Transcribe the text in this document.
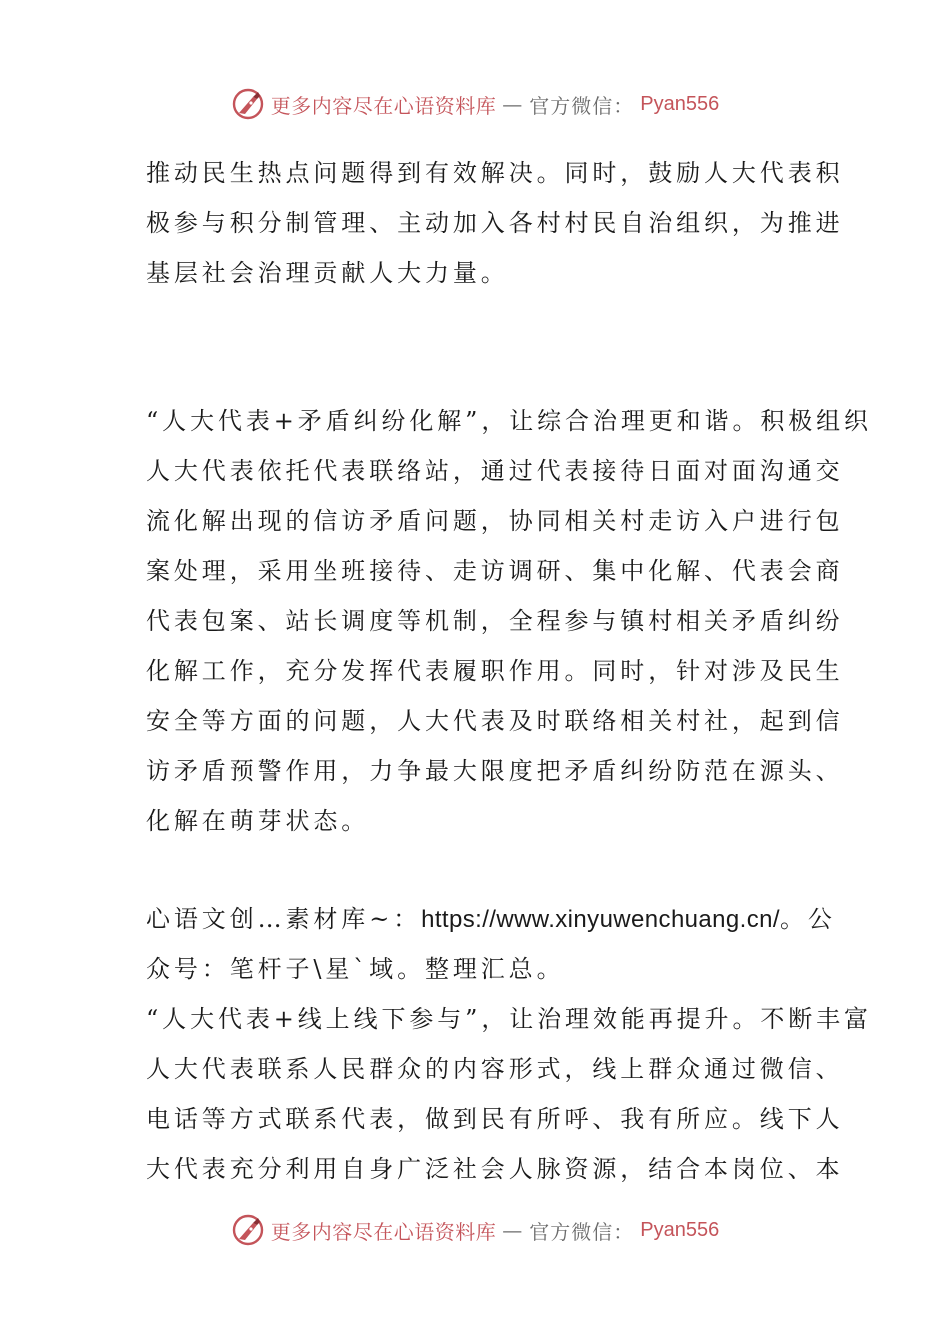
更多内容尽在心语资料库 — 官方微信： Pyan556
推动民生热点问题得到有效解决。同时，鼓励人大代表积
极参与积分制管理、主动加入各村村民自治组织，为推进
基层社会治理贡献人大力量。
“人大代表+矛盾纠纷化解”，让综合治理更和谐。积极组织
人大代表依托代表联络站，通过代表接待日面对面沟通交
流化解出现的信访矛盾问题，协同相关村走访入户进行包
案处理，采用坐班接待、走访调研、集中化解、代表会商
代表包案、站长调度等机制，全程参与镇村相关矛盾纠纷
化解工作，充分发挥代表履职作用。同时，针对涉及民生
安全等方面的问题，人大代表及时联络相关村社，起到信
访矛盾预警作用，力争最大限度把矛盾纠纷防范在源头、
化解在萌芽状态。
心语文创…素材库~：https://www.xinyuwenchuang.cn/。公
众号：笔杆子\星`域。整理汇总。
“人大代表+线上线下参与”，让治理效能再提升。不断丰富
人大代表联系人民群众的内容形式，线上群众通过微信、
电话等方式联系代表，做到民有所呼、我有所应。线下人
大代表充分利用自身广泛社会人脉资源，结合本岗位、本
更多内容尽在心语资料库 — 官方微信： Pyan556
